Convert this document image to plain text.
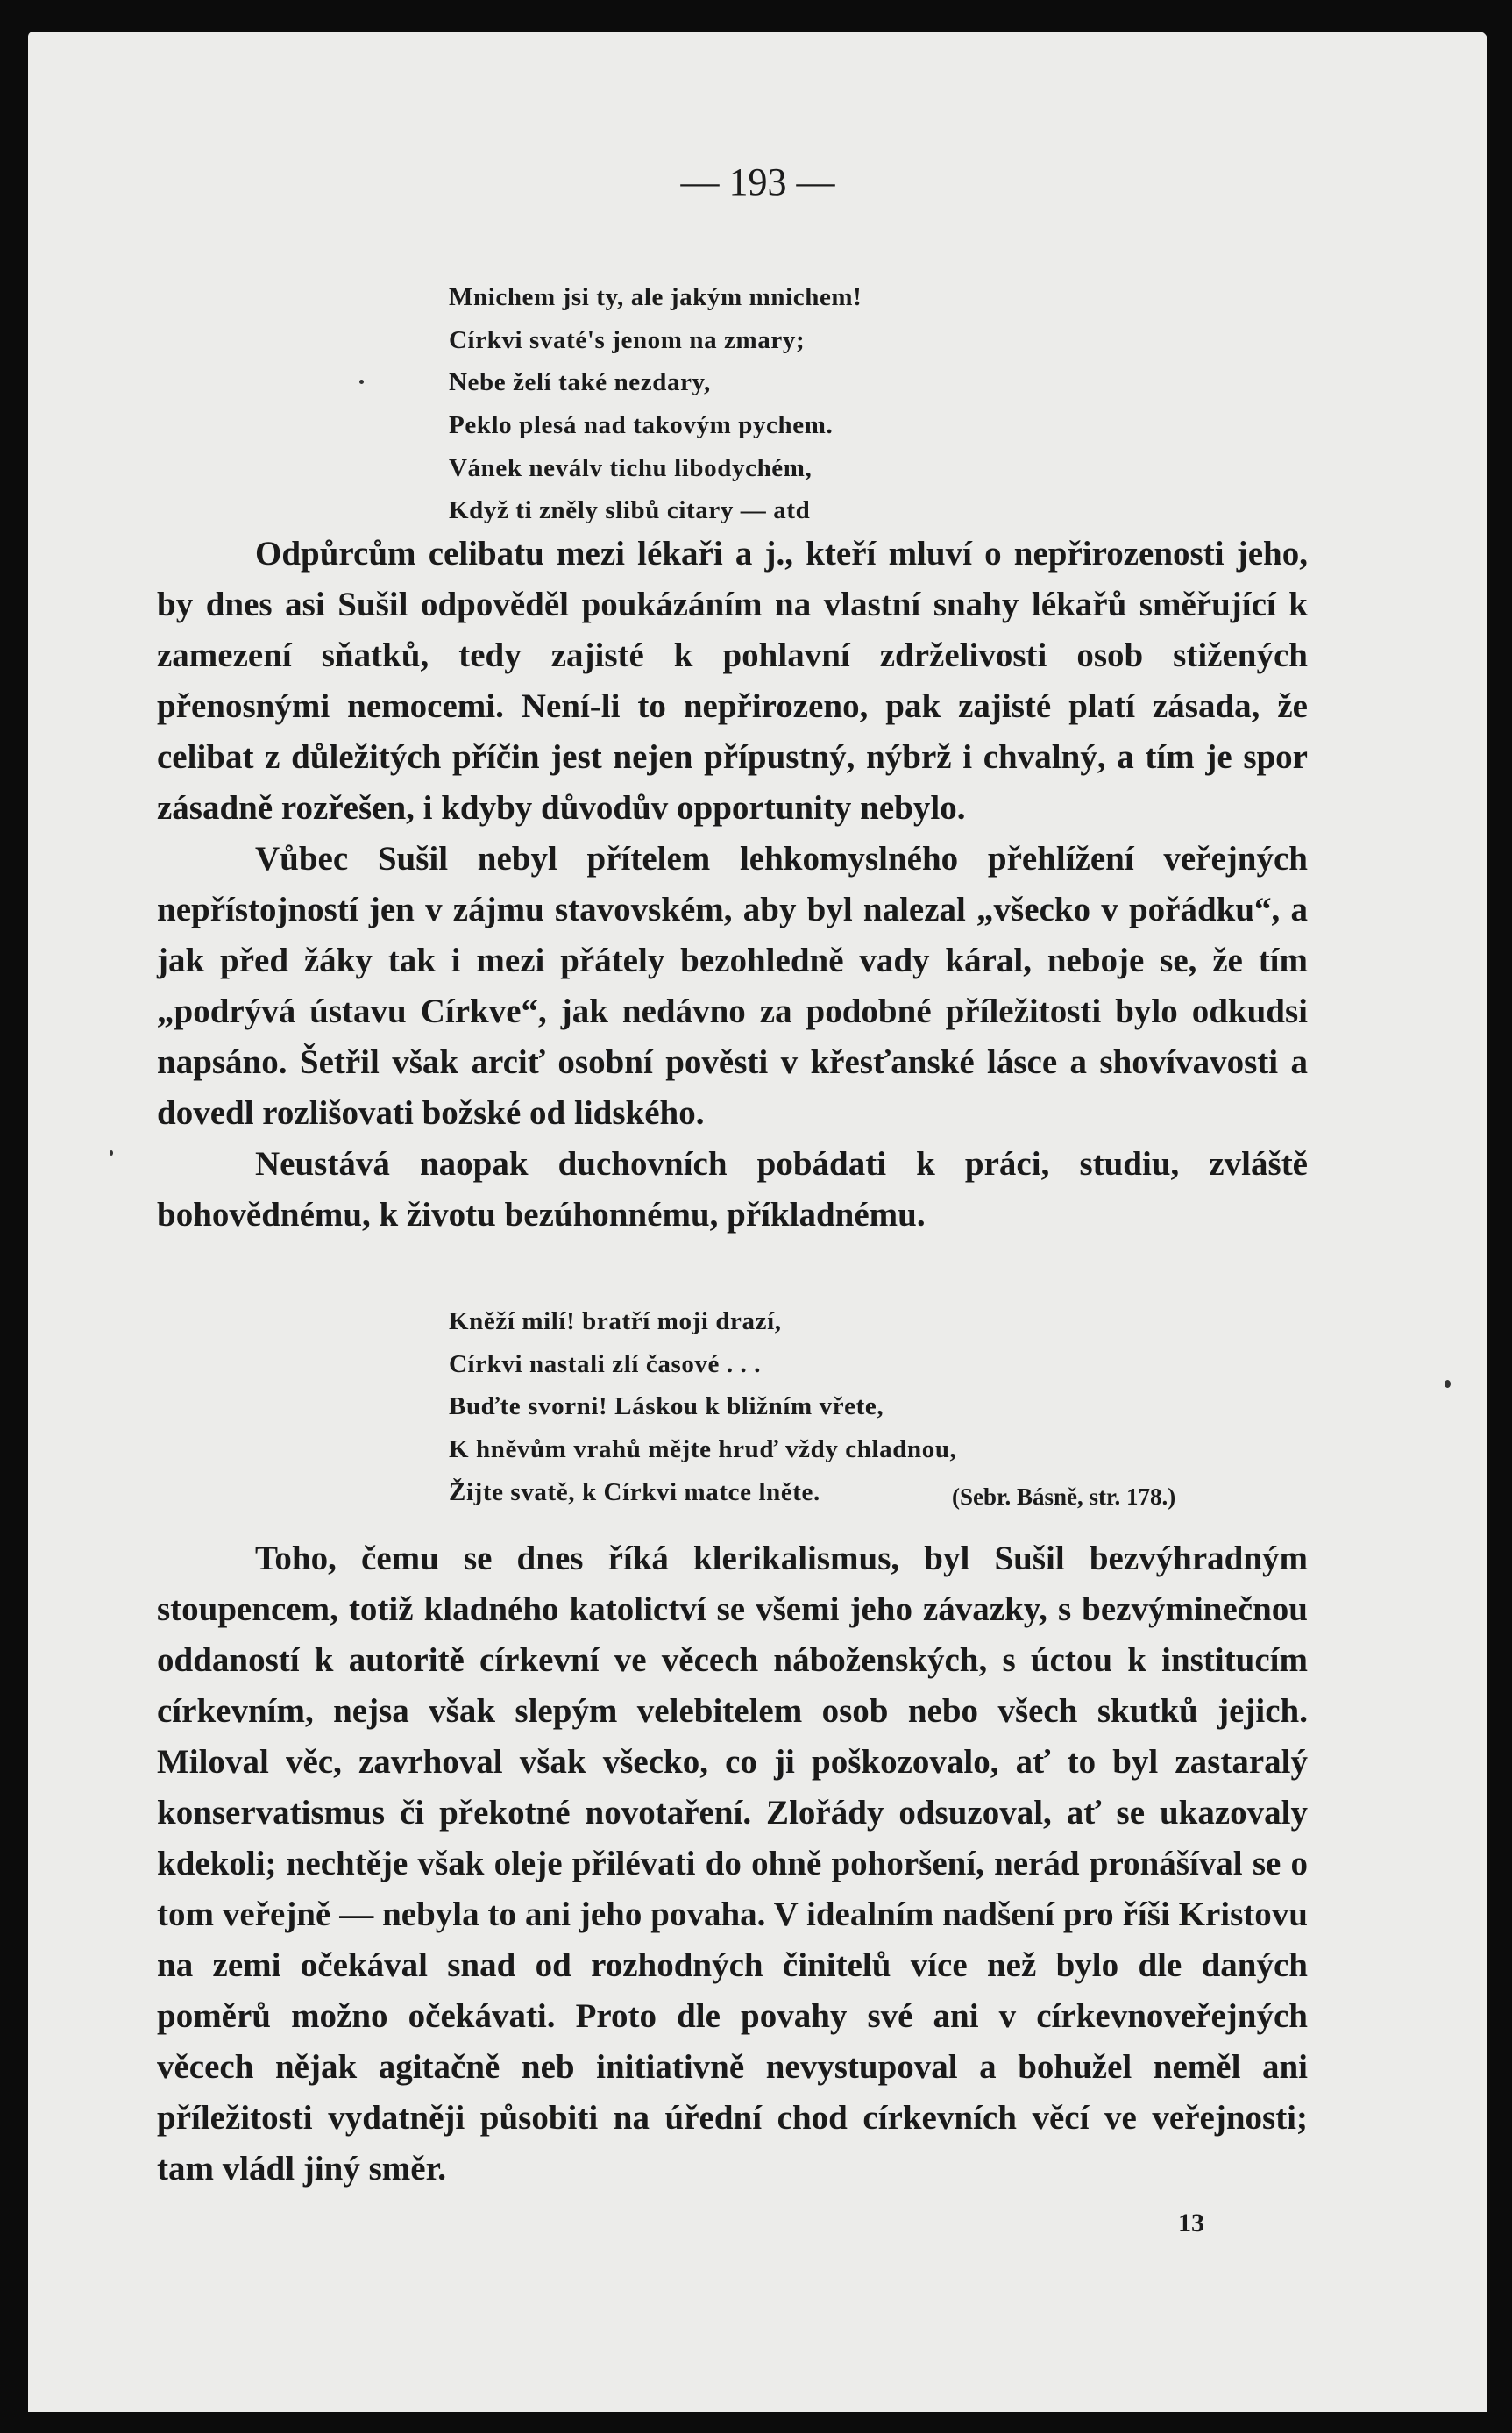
— 193 —
Mnichem jsi ty, ale jakým mnichem!
Církvi svaté's jenom na zmary;
Nebe želí také nezdary,
Peklo plesá nad takovým pychem.
Vánek neválv tichu libodychém,
Když ti zněly slibů citary — atd

Odpůrcům celibatu mezi lékaři a j., kteří mluví o nepřirozenosti jeho, by dnes asi Sušil odpověděl poukázáním na vlastní snahy lékařů směřující k zamezení sňatků, tedy zajisté k pohlavní zdrželivosti osob stižených přenosnými nemocemi. Není-li to nepřirozeno, pak zajisté platí zásada, že celibat z důležitých příčin jest nejen přípustný, nýbrž i chvalný, a tím je spor zásadně rozřešen, i kdyby důvodův opportunity nebylo.

Vůbec Sušil nebyl přítelem lehkomyslného přehlížení veřejných nepřístojností jen v zájmu stavovském, aby byl nalezal „všecko v pořádku“, a jak před žáky tak i mezi přátely bezohledně vady káral, neboje se, že tím „podrývá ústavu Církve“, jak nedávno za podobné příležitosti bylo odkudsi napsáno. Šetřil však arciť osobní pověsti v křesťanské lásce a shovívavosti a dovedl rozlišovati božské od lidského.

Neustává naopak duchovních pobádati k práci, studiu, zvláště bohovědnému, k životu bezúhonnému, příkladnému.

Kněží milí! bratří moji drazí,
Církvi nastali zlí časové . . .
Buďte svorni! Láskou k bližním vřete,
K hněvům vrahů mějte hruď vždy chladnou,
Žijte svatě, k Církvi matce lněte.	(Sebr. Básně, str. 178.)

Toho, čemu se dnes říká klerikalismus, byl Sušil bezvýhradným stoupencem, totiž kladného katolictví se všemi jeho závazky, s bezvýminečnou oddaností k autoritě církevní ve věcech náboženských, s úctou k institucím církevním, nejsa však slepým velebitelem osob nebo všech skutků jejich. Miloval věc, zavrhoval však všecko, co ji poškozovalo, ať to byl zastaralý konservatismus či překotné novotaření. Zlořády odsuzoval, ať se ukazovaly kdekoli; nechtěje však oleje přilévati do ohně pohoršení, nerád pronášíval se o tom veřejně — nebyla to ani jeho povaha. V idealním nadšení pro říši Kristovu na zemi očekával snad od rozhodných činitelů více než bylo dle daných poměrů možno očekávati. Proto dle povahy své ani v církevnoveřejných věcech nějak agitačně neb initiativně nevystupoval a bohužel neměl ani příležitosti vydatněji působiti na úřední chod církevních věcí ve veřejnosti; tam vládl jiný směr.

13
